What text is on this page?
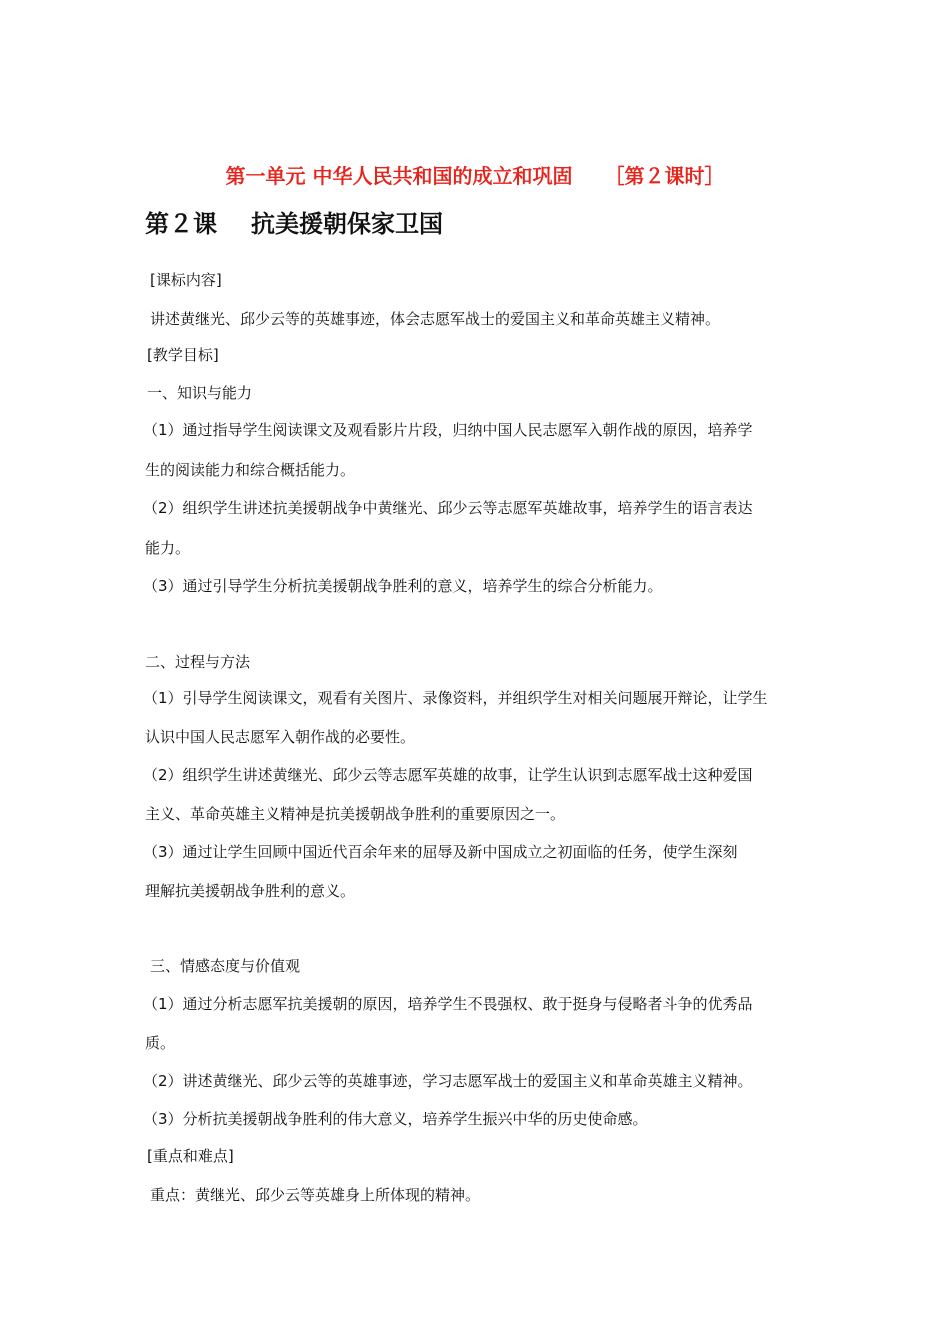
第一单元 中华人民共和国的成立和巩固 ［第２课时］
第２课 抗美援朝保家卫国
[课标内容]
讲述黄继光、邱少云等的英雄事迹，体会志愿军战士的爱国主义和革命英雄主义精神。
[教学目标]
一、知识与能力
（1）通过指导学生阅读课文及观看影片片段，归纳中国人民志愿军入朝作战的原因，培养学
生的阅读能力和综合概括能力。
（2）组织学生讲述抗美援朝战争中黄继光、邱少云等志愿军英雄故事，培养学生的语言表达
能力。
（3）通过引导学生分析抗美援朝战争胜利的意义，培养学生的综合分析能力。
二、过程与方法
（1）引导学生阅读课文，观看有关图片、录像资料，并组织学生对相关问题展开辩论，让学生
认识中国人民志愿军入朝作战的必要性。
（2）组织学生讲述黄继光、邱少云等志愿军英雄的故事，让学生认识到志愿军战士这种爱国
主义、革命英雄主义精神是抗美援朝战争胜利的重要原因之一。
（3）通过让学生回顾中国近代百余年来的屈辱及新中国成立之初面临的任务，使学生深刻
理解抗美援朝战争胜利的意义。
三、情感态度与价值观
（1）通过分析志愿军抗美援朝的原因，培养学生不畏强权、敢于挺身与侵略者斗争的优秀品
质。
（2）讲述黄继光、邱少云等的英雄事迹，学习志愿军战士的爱国主义和革命英雄主义精神。
（3）分析抗美援朝战争胜利的伟大意义，培养学生振兴中华的历史使命感。
[重点和难点]
重点：黄继光、邱少云等英雄身上所体现的精神。
